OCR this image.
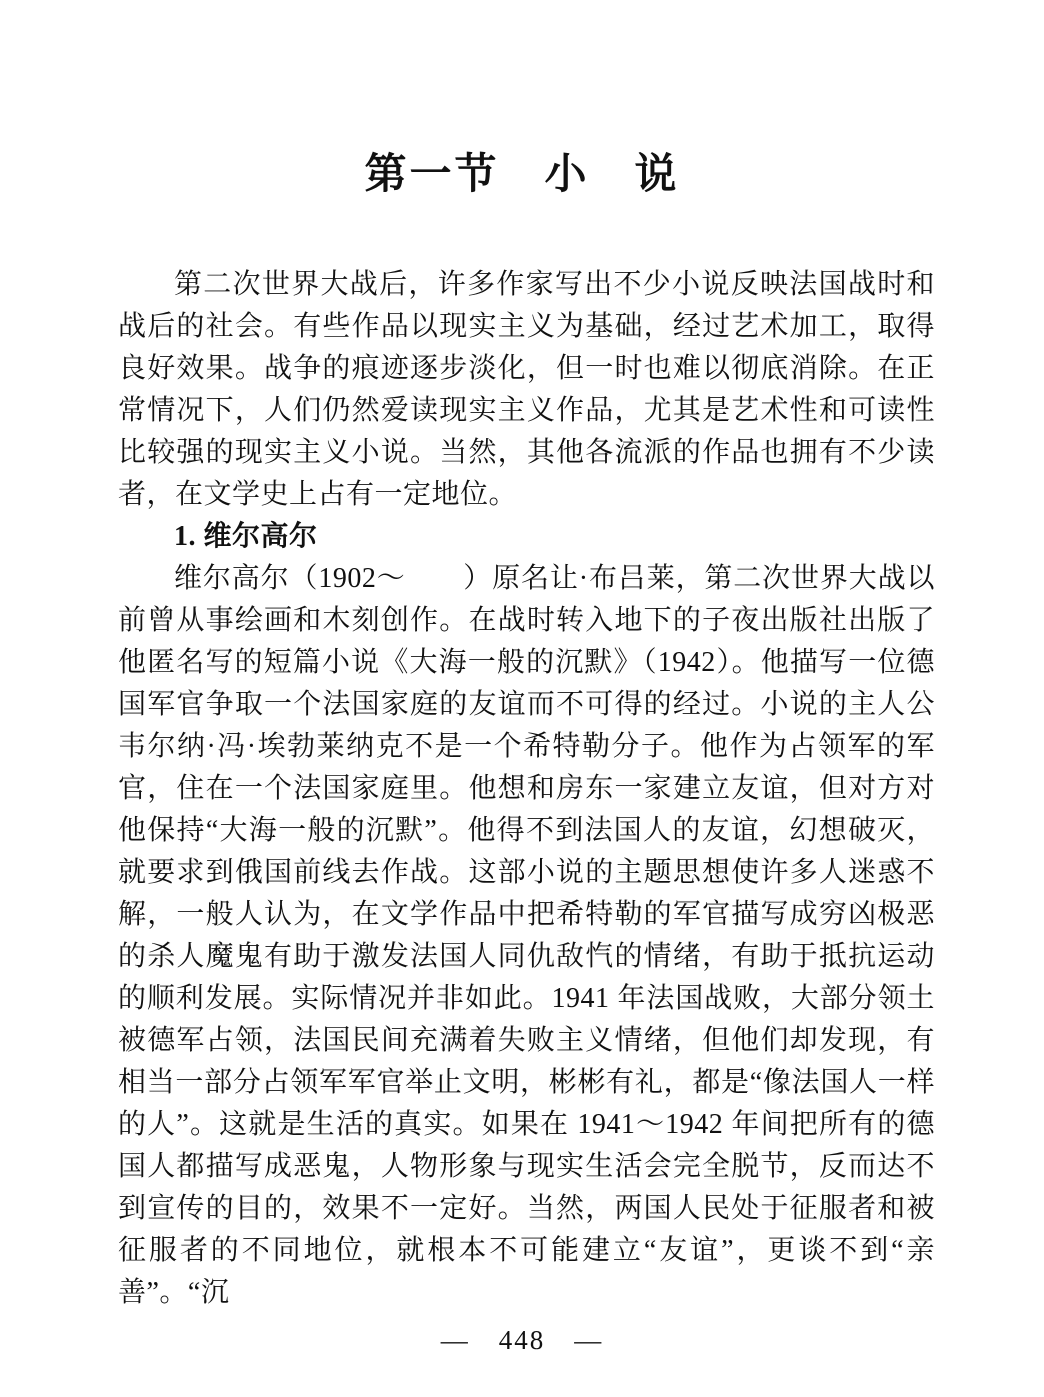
第一节　小　说

第二次世界大战后，许多作家写出不少小说反映法国战时和战后的社会。有些作品以现实主义为基础，经过艺术加工，取得良好效果。战争的痕迹逐步淡化，但一时也难以彻底消除。在正常情况下，人们仍然爱读现实主义作品，尤其是艺术性和可读性比较强的现实主义小说。当然，其他各流派的作品也拥有不少读者，在文学史上占有一定地位。

1. 维尔高尔

维尔高尔（1902～　　）原名让·布吕莱，第二次世界大战以前曾从事绘画和木刻创作。在战时转入地下的子夜出版社出版了他匿名写的短篇小说《大海一般的沉默》（1942）。他描写一位德国军官争取一个法国家庭的友谊而不可得的经过。小说的主人公韦尔纳·冯·埃勃莱纳克不是一个希特勒分子。他作为占领军的军官，住在一个法国家庭里。他想和房东一家建立友谊，但对方对他保持“大海一般的沉默”。他得不到法国人的友谊，幻想破灭，就要求到俄国前线去作战。这部小说的主题思想使许多人迷惑不解，一般人认为，在文学作品中把希特勒的军官描写成穷凶极恶的杀人魔鬼有助于激发法国人同仇敌忾的情绪，有助于抵抗运动的顺利发展。实际情况并非如此。1941 年法国战败，大部分领土被德军占领，法国民间充满着失败主义情绪，但他们却发现，有相当一部分占领军军官举止文明，彬彬有礼，都是“像法国人一样的人”。这就是生活的真实。如果在 1941～1942 年间把所有的德国人都描写成恶鬼，人物形象与现实生活会完全脱节，反而达不到宣传的目的，效果不一定好。当然，两国人民处于征服者和被征服者的不同地位，就根本不可能建立“友谊”，更谈不到“亲善”。“沉

—　448　—
